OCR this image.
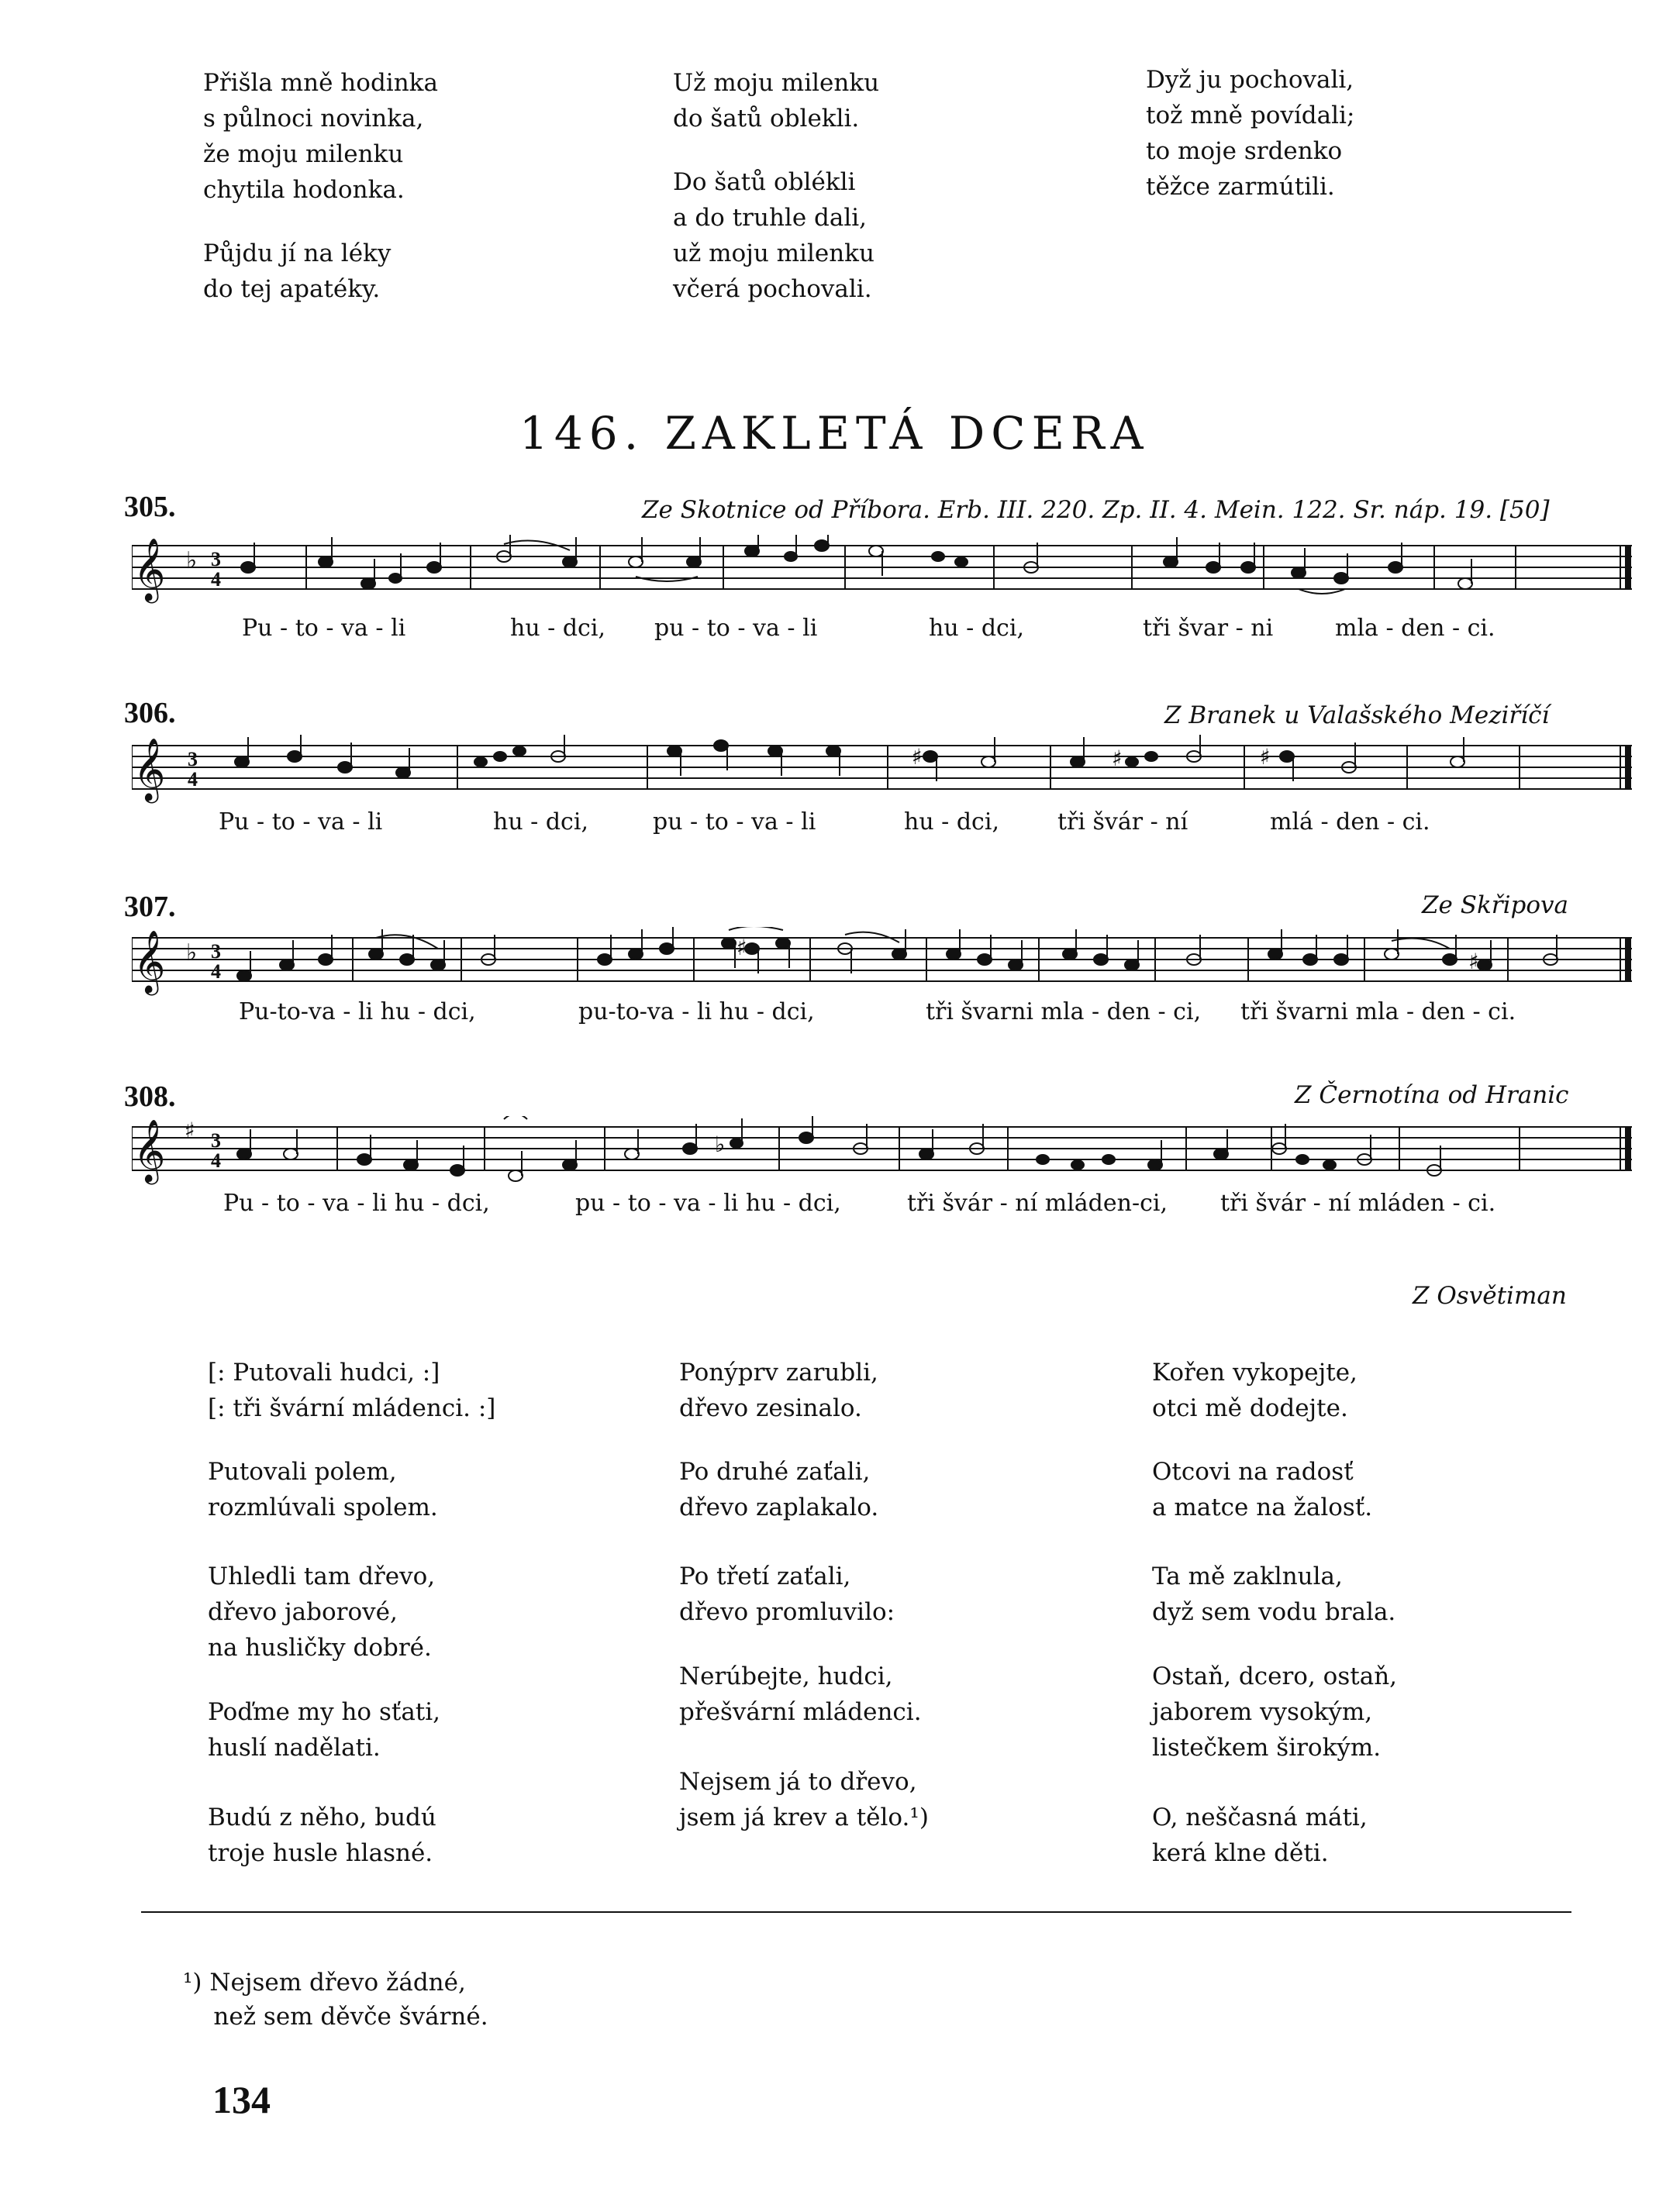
Přišla mně hodinka
s půlnoci novinka,
že moju milenku
chytila hodonka.
Půjdu jí na léky
do tej apatéky.
Už moju milenku
do šatů oblekli.
Do šatů oblékli
a do truhle dali,
už moju milenku
včerá pochovali.
Dyž ju pochovali,
tož mně povídali;
to moje srdenko
těžce zarmútili.
146. ZAKLETÁ DCERA
305.	Ze Skotnice od Příbora. Erb. III. 220. Zp. II. 4. Mein. 122. Sr. náp. 19. [50]
𝄞 ♭ 3
4
Pu - to - va - li	hu - dci, pu - to - va - li	hu - dci,	tři švar - ni	mla - den - ci.
306.	Z Branek u Valašského Meziříčí
𝄞 3
4
♯	♯	♯
Pu - to - va - li	hu - dci,	pu - to - va - li	hu - dci,	tři švár - ní	mlá - den - ci.
307.	Ze Skřipova
𝄞 ♭ 3
4
♯
♯
Pu-to-va - li hu - dci,	pu-to-va - li hu - dci,	tři švarni mla - den - ci, tři švarni mla - den - ci.
308.	Z Černotína od Hranic
𝄞 ♯ 3
4
♭
Pu - to - va - li hu - dci,	pu - to - va - li hu - dci,	tři švár - ní mláden-ci, tři švár - ní mláden - ci.
Z Osvětiman
[: Putovali hudci, :]
[: tři švární mládenci. :]
Putovali polem,
rozmlúvali spolem.
Uhledli tam dřevo,
dřevo jaborové,
na husličky dobré.
Poďme my ho sťati,
huslí nadělati.
Budú z něho, budú
troje husle hlasné.
Ponýprv zarubli,
dřevo zesinalo.
Po druhé zaťali,
dřevo zaplakalo.
Po třetí zaťali,
dřevo promluvilo:
Nerúbejte, hudci,
přešvární mládenci.
Nejsem já to dřevo,
jsem já krev a tělo.¹)
Kořen vykopejte,
otci mě dodejte.
Otcovi na radosť
a matce na žalosť.
Ta mě zaklnula,
dyž sem vodu brala.
Ostaň, dcero, ostaň,
jaborem vysokým,
listečkem širokým.
O, neščasná máti,
kerá klne děti.
¹) Nejsem dřevo žádné,
než sem děvče švárné.
134
